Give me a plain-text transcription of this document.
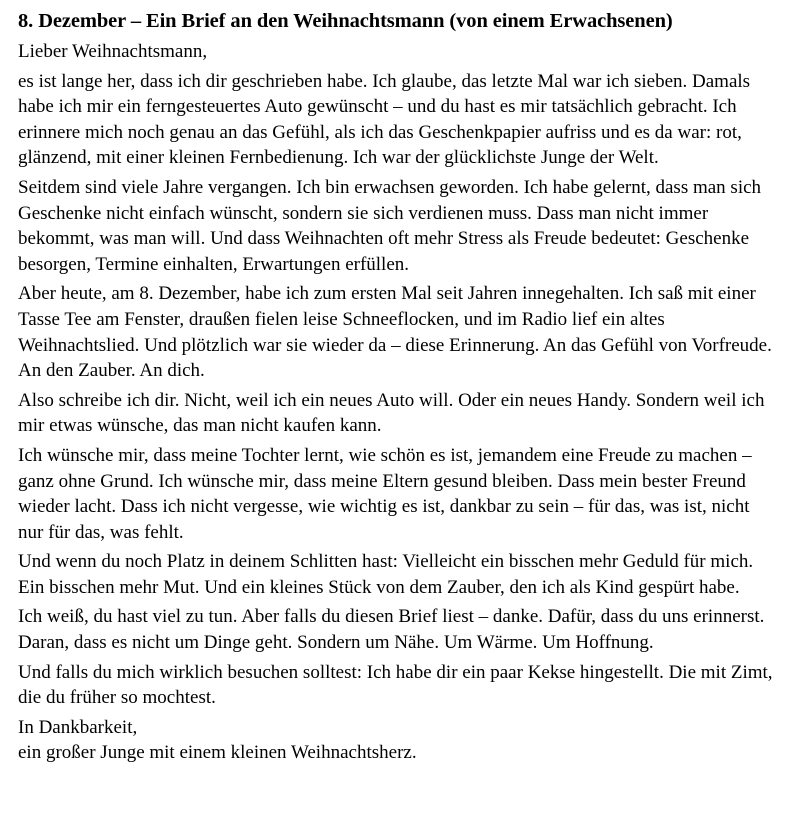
8. Dezember – Ein Brief an den Weihnachtsmann (von einem Erwachsenen)

Lieber Weihnachtsmann,

es ist lange her, dass ich dir geschrieben habe. Ich glaube, das letzte Mal war ich sieben. Damals habe ich mir ein ferngesteuertes Auto gewünscht – und du hast es mir tatsächlich gebracht. Ich erinnere mich noch genau an das Gefühl, als ich das Geschenkpapier aufriss und es da war: rot, glänzend, mit einer kleinen Fernbedienung. Ich war der glücklichste Junge der Welt.

Seitdem sind viele Jahre vergangen. Ich bin erwachsen geworden. Ich habe gelernt, dass man sich Geschenke nicht einfach wünscht, sondern sie sich verdienen muss. Dass man nicht immer bekommt, was man will. Und dass Weihnachten oft mehr Stress als Freude bedeutet: Geschenke besorgen, Termine einhalten, Erwartungen erfüllen.

Aber heute, am 8. Dezember, habe ich zum ersten Mal seit Jahren innegehalten. Ich saß mit einer Tasse Tee am Fenster, draußen fielen leise Schneeflocken, und im Radio lief ein altes Weihnachtslied. Und plötzlich war sie wieder da – diese Erinnerung. An das Gefühl von Vorfreude. An den Zauber. An dich.

Also schreibe ich dir. Nicht, weil ich ein neues Auto will. Oder ein neues Handy. Sondern weil ich mir etwas wünsche, das man nicht kaufen kann.

Ich wünsche mir, dass meine Tochter lernt, wie schön es ist, jemandem eine Freude zu machen – ganz ohne Grund. Ich wünsche mir, dass meine Eltern gesund bleiben. Dass mein bester Freund wieder lacht. Dass ich nicht vergesse, wie wichtig es ist, dankbar zu sein – für das, was ist, nicht nur für das, was fehlt.

Und wenn du noch Platz in deinem Schlitten hast: Vielleicht ein bisschen mehr Geduld für mich. Ein bisschen mehr Mut. Und ein kleines Stück von dem Zauber, den ich als Kind gespürt habe.

Ich weiß, du hast viel zu tun. Aber falls du diesen Brief liest – danke. Dafür, dass du uns erinnerst. Daran, dass es nicht um Dinge geht. Sondern um Nähe. Um Wärme. Um Hoffnung.

Und falls du mich wirklich besuchen solltest: Ich habe dir ein paar Kekse hingestellt. Die mit Zimt, die du früher so mochtest.

In Dankbarkeit,
ein großer Junge mit einem kleinen Weihnachtsherz.
